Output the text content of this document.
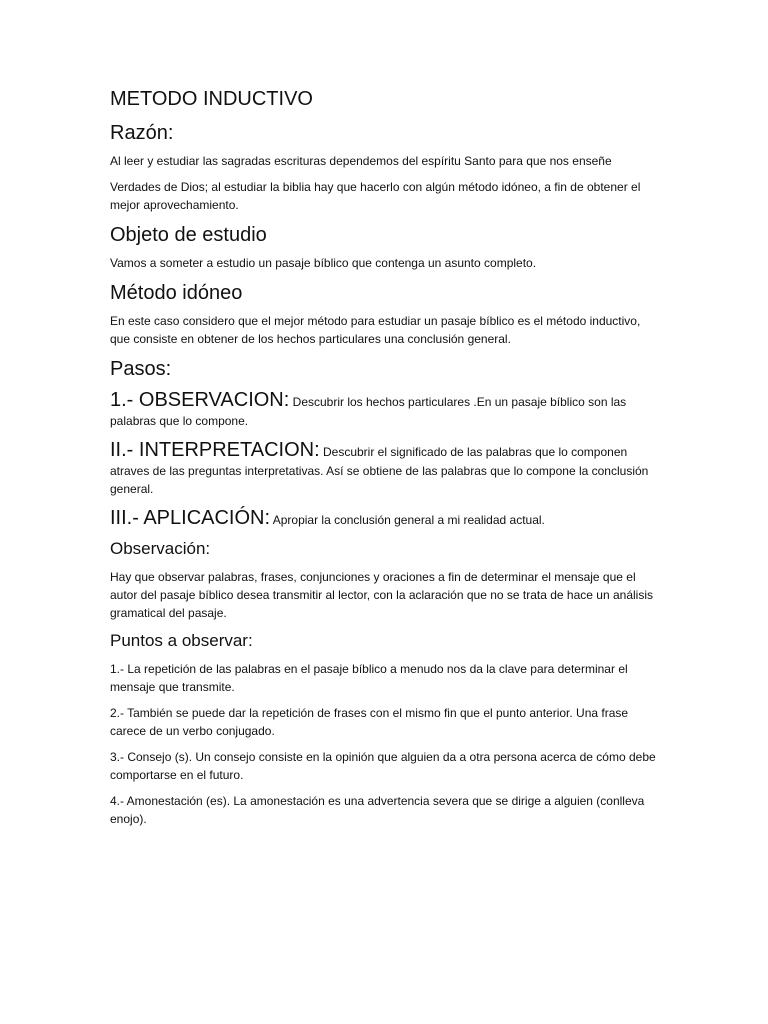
METODO INDUCTIVO
Razón:

Al leer y estudiar las sagradas escrituras dependemos del espíritu Santo para que nos enseñe

Verdades de Dios; al estudiar la biblia hay que hacerlo con algún método idóneo, a fin de obtener el mejor aprovechamiento.

Objeto de estudio

Vamos a someter a estudio un pasaje bíblico que contenga un asunto completo.

Método idóneo

En este caso considero que el mejor método para estudiar un pasaje bíblico es el método inductivo, que consiste en obtener de los hechos particulares una conclusión general.

Pasos:
1.- OBSERVACION: Descubrir los hechos particulares .En un pasaje bíblico son las palabras que lo compone.
II.- INTERPRETACION: Descubrir el significado de las palabras que lo componen atraves de las preguntas interpretativas. Así se obtiene de las palabras que lo compone la conclusión general.
III.- APLICACIÓN: Apropiar la conclusión general a mi realidad actual.
Observación:

Hay que observar palabras, frases, conjunciones y oraciones a fin de determinar el mensaje que el autor del pasaje bíblico desea transmitir al lector, con la aclaración que no se trata de hace un análisis gramatical del pasaje.

Puntos a observar:

1.- La repetición de las palabras en el pasaje bíblico a menudo nos da la clave para determinar el mensaje que transmite.

2.- También se puede dar la repetición de frases con el mismo fin que el punto anterior. Una frase carece de un verbo conjugado.

3.- Consejo (s). Un consejo consiste en la opinión que alguien da a otra persona acerca de cómo debe comportarse en el futuro.

4.- Amonestación (es). La amonestación es una advertencia severa que se dirige a alguien (conlleva enojo).
